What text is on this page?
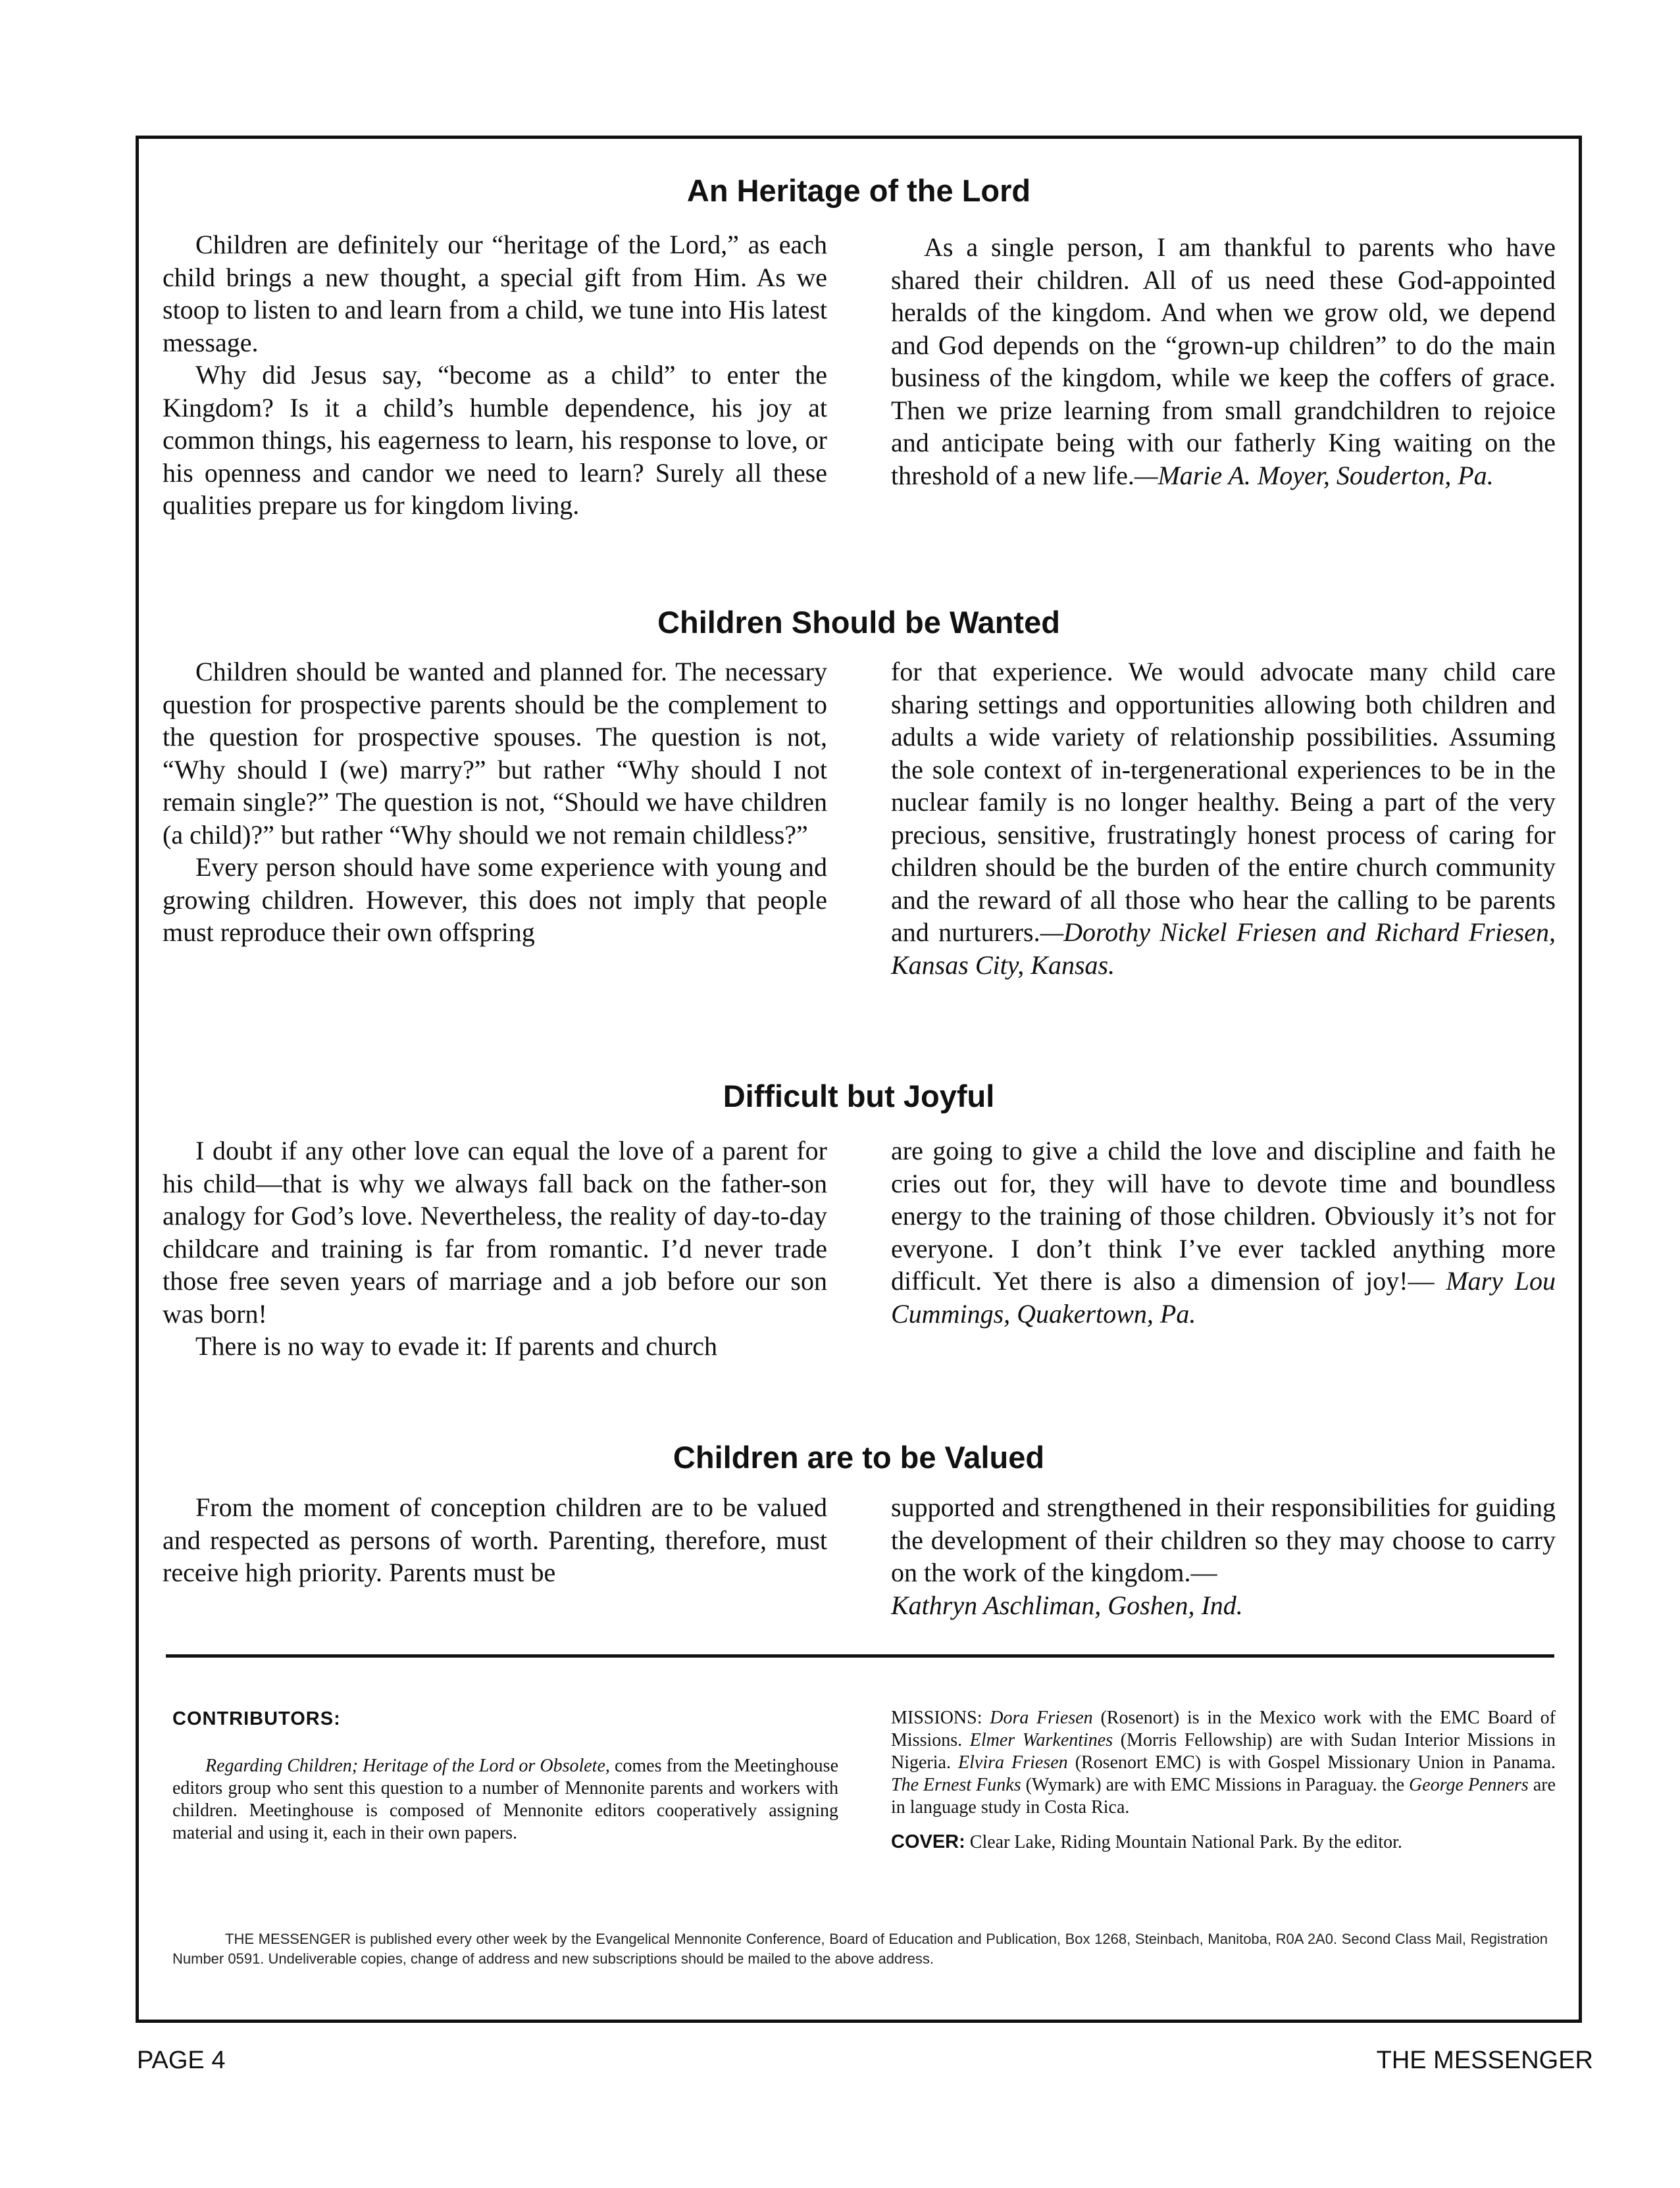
An Heritage of the Lord

Children are definitely our “heritage of the Lord,” as each child brings a new thought, a special gift from Him. As we stoop to listen to and learn from a child, we tune into His latest message.

Why did Jesus say, “become as a child” to enter the Kingdom? Is it a child’s humble dependence, his joy at common things, his eagerness to learn, his response to love, or his openness and candor we need to learn? Surely all these qualities prepare us for kingdom living.

As a single person, I am thankful to parents who have shared their children. All of us need these God-appointed heralds of the kingdom. And when we grow old, we depend and God depends on the “grown-up children” to do the main business of the kingdom, while we keep the coffers of grace. Then we prize learning from small grandchildren to rejoice and anticipate being with our fatherly King waiting on the threshold of a new life.—Marie A. Moyer, Souderton, Pa.

Children Should be Wanted

Children should be wanted and planned for. The necessary question for prospective parents should be the complement to the question for prospective spouses. The question is not, “Why should I (we) marry?” but rather “Why should I not remain single?” The question is not, “Should we have children (a child)?” but rather “Why should we not remain childless?”

Every person should have some experience with young and growing children. However, this does not imply that people must reproduce their own offspring

for that experience. We would advocate many child care sharing settings and opportunities allowing both children and adults a wide variety of relationship possibilities. Assuming the sole context of in-tergenerational experiences to be in the nuclear family is no longer healthy. Being a part of the very precious, sensitive, frustratingly honest process of caring for children should be the burden of the entire church community and the reward of all those who hear the calling to be parents and nurturers.—Dorothy Nickel Friesen and Richard Friesen, Kansas City, Kansas.

Difficult but Joyful

I doubt if any other love can equal the love of a parent for his child—that is why we always fall back on the father-son analogy for God’s love. Nevertheless, the reality of day-to-day childcare and training is far from romantic. I’d never trade those free seven years of marriage and a job before our son was born!

There is no way to evade it: If parents and church

are going to give a child the love and discipline and faith he cries out for, they will have to devote time and boundless energy to the training of those children. Obviously it’s not for everyone. I don’t think I’ve ever tackled anything more difficult. Yet there is also a dimension of joy!— Mary Lou Cummings, Quakertown, Pa.

Children are to be Valued

From the moment of conception children are to be valued and respected as persons of worth. Parenting, therefore, must receive high priority. Parents must be

supported and strengthened in their responsibilities for guiding the development of their children so they may choose to carry on the work of the kingdom.—
Kathryn Aschliman, Goshen, Ind.

CONTRIBUTORS:

Regarding Children; Heritage of the Lord or Obsolete, comes from the Meetinghouse editors group who sent this question to a number of Mennonite parents and workers with children. Meetinghouse is composed of Mennonite editors cooperatively assigning material and using it, each in their own papers.

MISSIONS: Dora Friesen (Rosenort) is in the Mexico work with the EMC Board of Missions. Elmer Warkentines (Morris Fellowship) are with Sudan Interior Missions in Nigeria. Elvira Friesen (Rosenort EMC) is with Gospel Missionary Union in Panama. The Ernest Funks (Wymark) are with EMC Missions in Paraguay. the George Penners are in language study in Costa Rica.

COVER: Clear Lake, Riding Mountain National Park. By the editor.

THE MESSENGER is published every other week by the Evangelical Mennonite Conference, Board of Education and Publication, Box 1268, Steinbach, Manitoba, R0A 2A0. Second Class Mail, Registration Number 0591. Undeliverable copies, change of address and new subscriptions should be mailed to the above address.
PAGE 4	THE MESSENGER
